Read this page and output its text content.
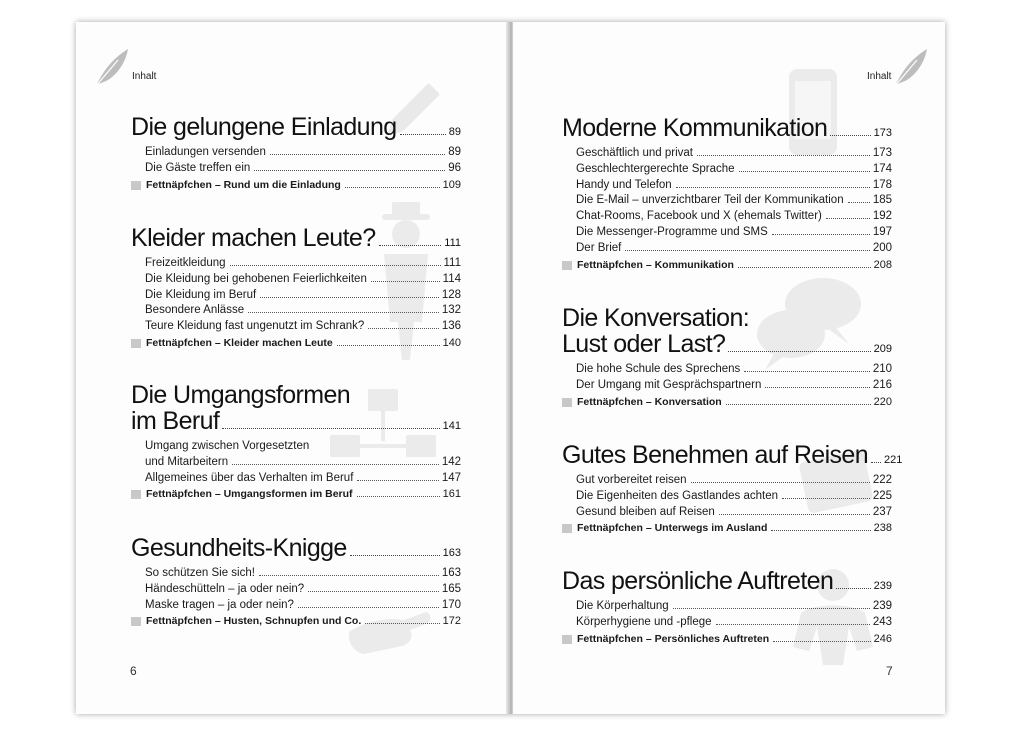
Inhalt
Die gelungene Einladung	89
Einladungen versenden	89
Die Gäste treffen ein	96
Fettnäpfchen – Rund um die Einladung	109
Kleider machen Leute?	111
Freizeitkleidung	111
Die Kleidung bei gehobenen Feierlichkeiten	114
Die Kleidung im Beruf	128
Besondere Anlässe	132
Teure Kleidung fast ungenutzt im Schrank?	136
Fettnäpfchen – Kleider machen Leute	140
Die Umgangsformen
im Beruf	141
Umgang zwischen Vorgesetzten
und Mitarbeitern	142
Allgemeines über das Verhalten im Beruf	147
Fettnäpfchen – Umgangsformen im Beruf	161
Gesundheits-Knigge	163
So schützen Sie sich!	163
Händeschütteln – ja oder nein?	165
Maske tragen – ja oder nein?	170
Fettnäpfchen – Husten, Schnupfen und Co.	172
6
Inhalt
Moderne Kommunikation	173
Geschäftlich und privat	173
Geschlechtergerechte Sprache	174
Handy und Telefon	178
Die E-Mail – unverzichtbarer Teil der Kommunikation	185
Chat-Rooms, Facebook und X (ehemals Twitter)	192
Die Messenger-Programme und SMS	197
Der Brief	200
Fettnäpfchen – Kommunikation	208
Die Konversation:
Lust oder Last?	209
Die hohe Schule des Sprechens	210
Der Umgang mit Gesprächspartnern	216
Fettnäpfchen – Konversation	220
Gutes Benehmen auf Reisen 221
Gut vorbereitet reisen	222
Die Eigenheiten des Gastlandes achten	225
Gesund bleiben auf Reisen	237
Fettnäpfchen – Unterwegs im Ausland	238
Das persönliche Auftreten	239
Die Körperhaltung	239
Körperhygiene und -pflege	243
Fettnäpfchen – Persönliches Auftreten	246
7
